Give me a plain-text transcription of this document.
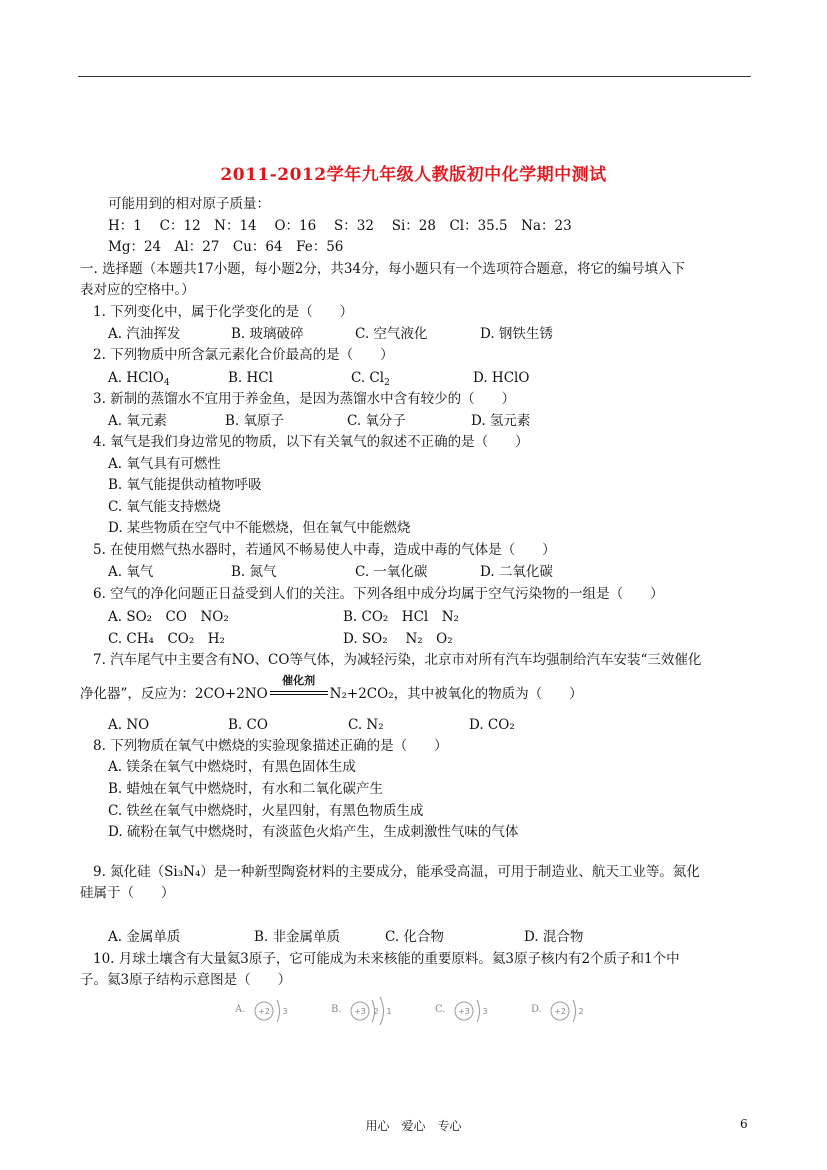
2011-2012学年九年级人教版初中化学期中测试
可能用到的相对原子质量：
H：1　 C：12　N：14　 O：16　 S：32　 Si：28　Cl：35.5　Na：23
Mg：24　Al：27　Cu：64　Fe：56
一. 选择题（本题共17小题，每小题2分，共34分，每小题只有一个选项符合题意，将它的编号填入下
表对应的空格中。）
1. 下列变化中，属于化学变化的是（　　）
A. 汽油挥发	B. 玻璃破碎	C. 空气液化	D. 钢铁生锈
2. 下列物质中所含氯元素化合价最高的是（　　）
A. HClO$_4$	B. HCl	C. $Cl_2$	D. HClO
3. 新制的蒸馏水不宜用于养金鱼，是因为蒸馏水中含有较少的（　　）
A. 氧元素	B. 氧原子	C. 氧分子	D. 氢元素
4. 氧气是我们身边常见的物质，以下有关氧气的叙述不正确的是（　　）
A. 氧气具有可燃性
B. 氧气能提供动植物呼吸
C. 氧气能支持燃烧
D. 某些物质在空气中不能燃烧，但在氧气中能燃烧
5. 在使用燃气热水器时，若通风不畅易使人中毒，造成中毒的气体是（　　）
A. 氧气	B. 氮气	C. 一氧化碳	D. 二氧化碳
6. 空气的净化问题正日益受到人们的关注。下列各组中成分均属于空气污染物的一组是（　　）
A. SO₂　CO　NO₂	B. CO₂　HCl　N₂
C. CH₄　CO₂　H₂	D. SO₂　 N₂　O₂
7. 汽车尾气中主要含有NO、CO等气体，为减轻污染，北京市对所有汽车均强制给汽车安装“三效催化
净化器”，反应为：2CO+2NO
催化剂
N₂+2CO₂，其中被氧化的物质为（　　）
A. NO	B. CO	C. N₂	D. CO₂
8. 下列物质在氧气中燃烧的实验现象描述正确的是（　　）
A. 镁条在氧气中燃烧时，有黑色固体生成
B. 蜡烛在氧气中燃烧时，有水和二氧化碳产生
C. 铁丝在氧气中燃烧时，火星四射，有黑色物质生成
D. 硫粉在氧气中燃烧时，有淡蓝色火焰产生，生成刺激性气味的气体
9. 氮化硅（Si₃N₄）是一种新型陶瓷材料的主要成分，能承受高温，可用于制造业、航天工业等。氮化
硅属于（　　）
A. 金属单质	B. 非金属单质	C. 化合物	D. 混合物
10. 月球土壤含有大量氦3原子，它可能成为未来核能的重要原料。氦3原子核内有2个质子和1个中
子。氦3原子结构示意图是（　　）
A. +2 3	B. +3 2 1	C. +3 3	D. +2 2
用心　爱心　专心	6
